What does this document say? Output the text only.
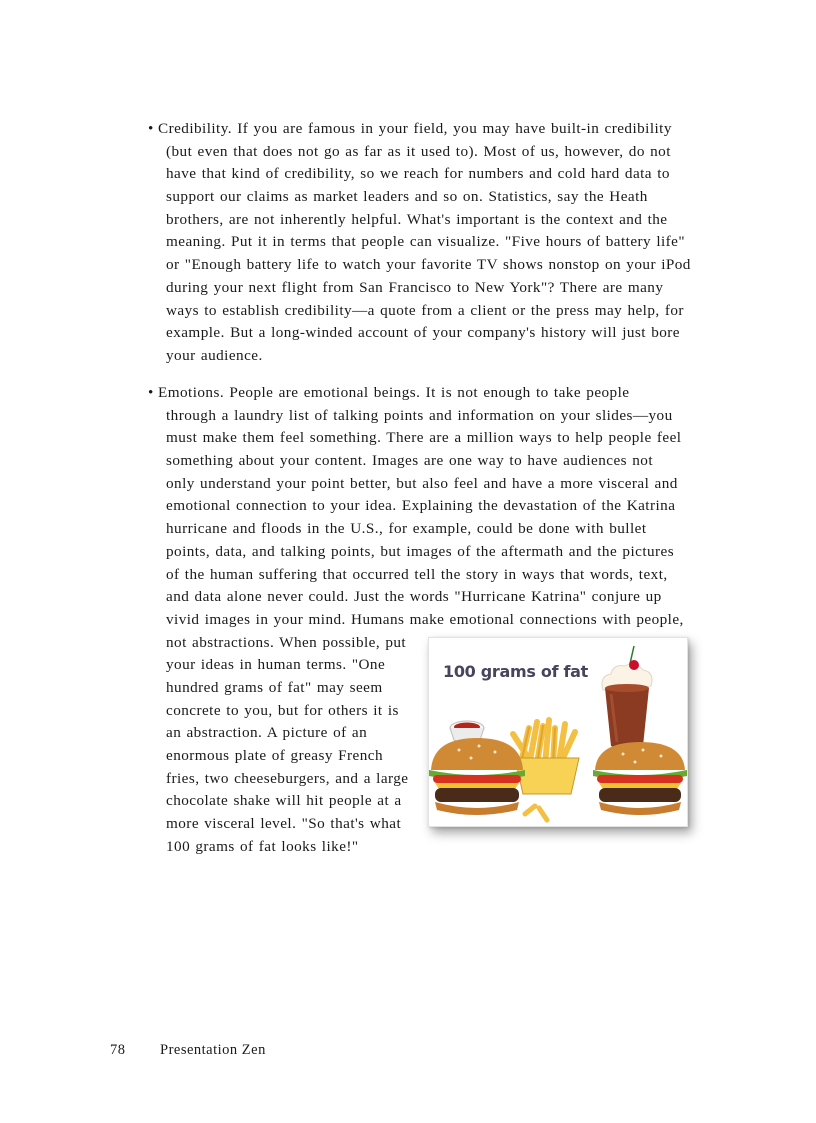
• Credibility. If you are famous in your field, you may have built-in credibility
(but even that does not go as far as it used to). Most of us, however, do not
have that kind of credibility, so we reach for numbers and cold hard data to
support our claims as market leaders and so on. Statistics, say the Heath
brothers, are not inherently helpful. What's important is the context and the
meaning. Put it in terms that people can visualize. "Five hours of battery life"
or "Enough battery life to watch your favorite TV shows nonstop on your iPod
during your next flight from San Francisco to New York"? There are many
ways to establish credibility—a quote from a client or the press may help, for
example. But a long-winded account of your company's history will just bore
your audience.
• Emotions. People are emotional beings. It is not enough to take people
through a laundry list of talking points and information on your slides—you
must make them feel something. There are a million ways to help people feel
something about your content. Images are one way to have audiences not
only understand your point better, but also feel and have a more visceral and
emotional connection to your idea. Explaining the devastation of the Katrina
hurricane and floods in the U.S., for example, could be done with bullet
points, data, and talking points, but images of the aftermath and the pictures
of the human suffering that occurred tell the story in ways that words, text,
and data alone never could. Just the words "Hurricane Katrina" conjure up
vivid images in your mind. Humans make emotional connections with people,
not abstractions. When possible, put
your ideas in human terms. "One
hundred grams of fat" may seem
concrete to you, but for others it is
an abstraction. A picture of an
enormous plate of greasy French
fries, two cheeseburgers, and a large
chocolate shake will hit people at a
more visceral level. "So that's what
100 grams of fat looks like!"
100 grams of fat
78 Presentation Zen
